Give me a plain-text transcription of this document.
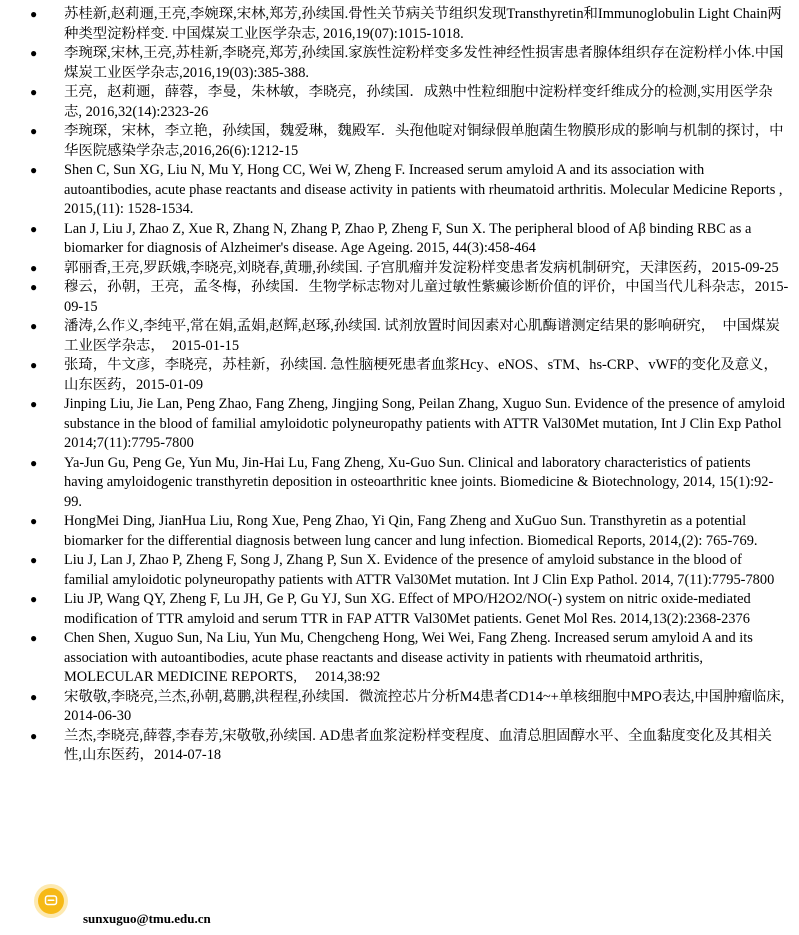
● 苏桂新,赵莉逦,王亮,李婉琛,宋林,郑芳,孙续国.骨性关节病关节组织发现Transthyretin和Immunoglobulin Light Chain两种类型淀粉样变. 中国煤炭工业医学杂志, 2016,19(07):1015-1018.
● 李琬琛,宋林,王亮,苏桂新,李晓亮,郑芳,孙续国.家族性淀粉样变多发性神经性损害患者腺体组织存在淀粉样小体.中国煤炭工业医学杂志,2016,19(03):385-388.
● 王亮，赵莉逦，薛蓉，李曼，朱林敏，李晓亮，孙续国．成熟中性粒细胞中淀粉样变纤维成分的检测,实用医学杂志, 2016,32(14):2323-26
● 李琬琛，宋林，李立艳，孙续国，魏爱琳，魏殿军．头孢他啶对铜绿假单胞菌生物膜形成的影响与机制的探讨，中华医院感染学杂志,2016,26(6):1212-15
● Shen C, Sun XG, Liu N, Mu Y, Hong CC, Wei W, Zheng F. Increased serum amyloid A and its association with autoantibodies, acute phase reactants and disease activity in patients with rheumatoid arthritis. Molecular Medicine Reports , 2015,(11): 1528-1534.
● Lan J, Liu J, Zhao Z, Xue R, Zhang N, Zhang P, Zhao P, Zheng F, Sun X. The peripheral blood of Aβ binding RBC as a biomarker for diagnosis of Alzheimer's disease. Age Ageing. 2015, 44(3):458-464
● 郭丽香,王亮,罗跃娥,李晓亮,刘晓春,黄珊,孙续国. 子宫肌瘤并发淀粉样变患者发病机制研究，天津医药，2015-09-25
● 穆云，孙朝，王亮，孟冬梅，孙续国．生物学标志物对儿童过敏性紫癜诊断价值的评价，中国当代儿科杂志，2015-09-15
● 潘涛,么作义,李纯平,常在娟,孟娟,赵辉,赵琢,孙续国. 试剂放置时间因素对心肌酶谱测定结果的影响研究，　中国煤炭工业医学杂志，　2015-01-15
● 张琦，牛文彦，李晓亮，苏桂新，孙续国. 急性脑梗死患者血浆Hcy、eNOS、sTM、hs-CRP、vWF的变化及意义，山东医药，2015-01-09
● Jinping Liu, Jie Lan, Peng Zhao, Fang Zheng, Jingjing Song, Peilan Zhang, Xuguo Sun. Evidence of the presence of amyloid substance in the blood of familial amyloidotic polyneuropathy patients with ATTR Val30Met mutation, Int J Clin Exp Pathol 2014;7(11):7795-7800
● Ya-Jun Gu, Peng Ge, Yun Mu, Jin-Hai Lu, Fang Zheng, Xu-Guo Sun. Clinical and laboratory characteristics of patients having amyloidogenic transthyretin deposition in osteoarthritic knee joints. Biomedicine & Biotechnology, 2014, 15(1):92-99.
● HongMei Ding, JianHua Liu, Rong Xue, Peng Zhao, Yi Qin, Fang Zheng and XuGuo Sun. Transthyretin as a potential biomarker for the differential diagnosis between lung cancer and lung infection. Biomedical Reports, 2014,(2): 765-769.
● Liu J, Lan J, Zhao P, Zheng F, Song J, Zhang P, Sun X. Evidence of the presence of amyloid substance in the blood of familial amyloidotic polyneuropathy patients with ATTR Val30Met mutation. Int J Clin Exp Pathol. 2014, 7(11):7795-7800
● Liu JP, Wang QY, Zheng F, Lu JH, Ge P, Gu YJ, Sun XG. Effect of MPO/H2O2/NO(-) system on nitric oxide-mediated modification of TTR amyloid and serum TTR in FAP ATTR Val30Met patients. Genet Mol Res. 2014,13(2):2368-2376
● Chen Shen, Xuguo Sun, Na Liu, Yun Mu, Chengcheng Hong, Wei Wei, Fang Zheng. Increased serum amyloid A and its association with autoantibodies, acute phase reactants and disease activity in patients with rheumatoid arthritis, MOLECULAR MEDICINE REPORTS,　 2014,38:92
● 宋敬敬,李晓亮,兰杰,孙朝,葛鹏,洪程程,孙续国．微流控芯片分析M4患者CD14~+单核细胞中MPO表达,中国肿瘤临床, 2014-06-30
● 兰杰,李晓亮,薛蓉,李春芳,宋敬敬,孙续国. AD患者血浆淀粉样变程度、血清总胆固醇水平、全血黏度变化及其相关性,山东医药，2014-07-18
sunxuguo@tmu.edu.cn
